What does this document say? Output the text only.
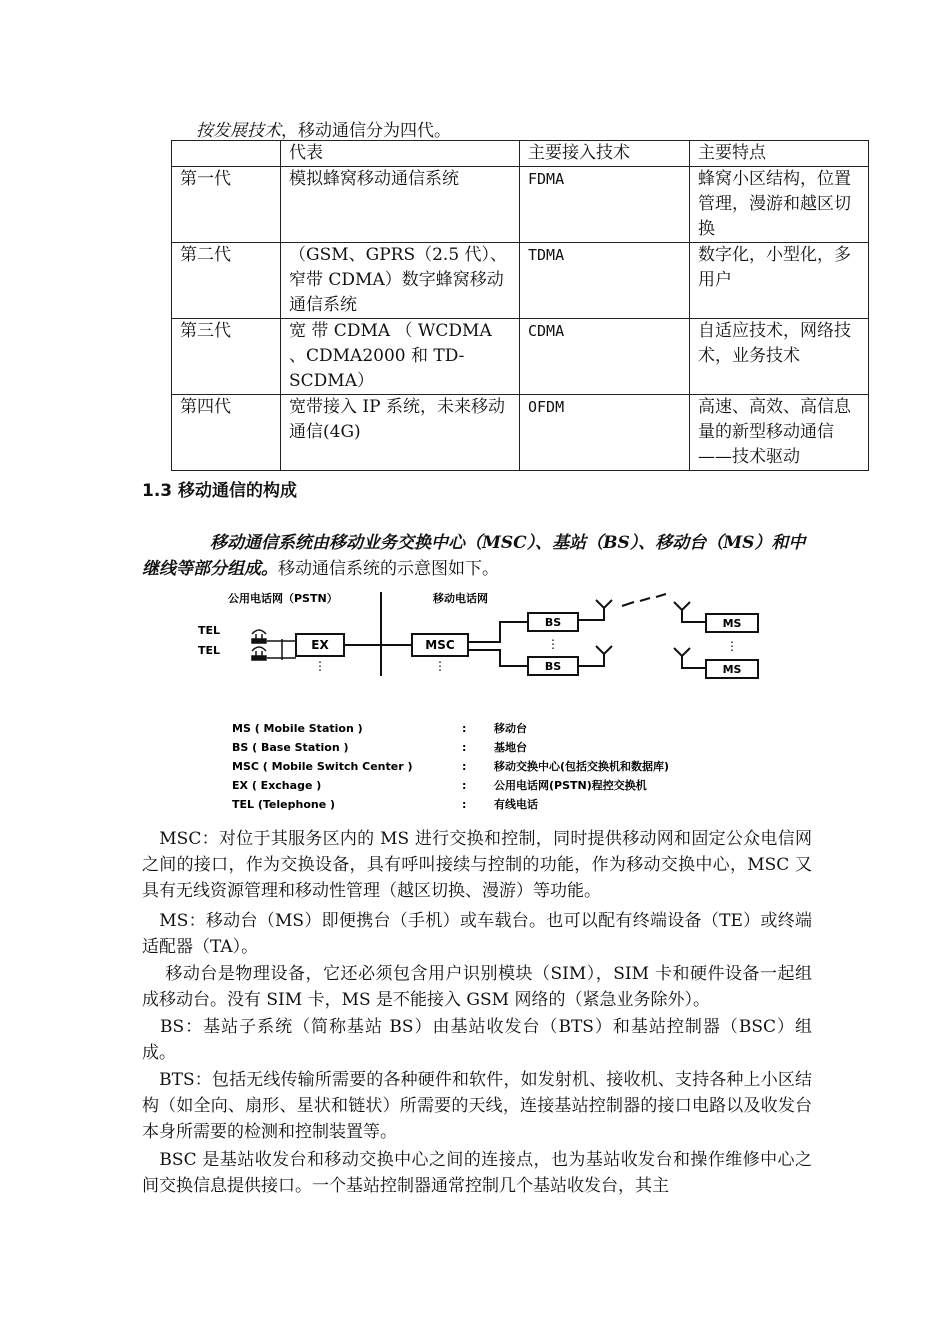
按发展技术，移动通信分为四代。
	代表	主要接入技术	主要特点
第一代	模拟蜂窝移动通信系统	FDMA	蜂窝小区结构，位置管理，漫游和越区切换
第二代	（GSM、GPRS（2.5 代）、窄带 CDMA）数字蜂窝移动通信系统	TDMA	数字化，小型化，多用户
第三代	宽 带 CDMA （ WCDMA 、CDMA2000 和 TD-SCDMA）	CDMA	自适应技术，网络技术，业务技术
第四代	宽带接入 IP 系统，未来移动通信(4G)	OFDM	高速、高效、高信息量的新型移动通信——技术驱动
1.3 移动通信的构成
移动通信系统由移动业务交换中心（MSC）、基站（BS）、移动台（MS）和中继线等部分组成。移动通信系统的示意图如下。
公用电话网（PSTN）	移动电话网
TEL
TEL	EX
⋮
MSC
⋮
BS
⋮
BS
MS
⋮
MS
MS ( Mobile Station )	:	移动台
BS ( Base Station )	:	基地台
MSC ( Mobile Switch Center )	:	移动交换中心(包括交换机和数据库)
EX ( Exchage )	:	公用电话网(PSTN)程控交换机
TEL (Telephone )	:	有线电话
　MSC：对位于其服务区内的 MS 进行交换和控制，同时提供移动网和固定公众电信网之间的接口，作为交换设备，具有呼叫接续与控制的功能，作为移动交换中心，MSC 又具有无线资源管理和移动性管理（越区切换、漫游）等功能。
　MS：移动台（MS）即便携台（手机）或车载台。也可以配有终端设备（TE）或终端适配器（TA）。
　 移动台是物理设备，它还必须包含用户识别模块（SIM），SIM 卡和硬件设备一起组 成移动台。没有 SIM 卡，MS 是不能接入 GSM 网络的（紧急业务除外）。
　BS：基站子系统（简称基站 BS）由基站收发台（BTS）和基站控制器（BSC）组成。
　BTS：包括无线传输所需要的各种硬件和软件，如发射机、接收机、支持各种上小区结构（如全向、扇形、星状和链状）所需要的天线，连接基站控制器的接口电路以及收发台本身所需要的检测和控制装置等。
　BSC 是基站收发台和移动交换中心之间的连接点，也为基站收发台和操作维修中心之间交换信息提供接口。一个基站控制器通常控制几个基站收发台，其主
